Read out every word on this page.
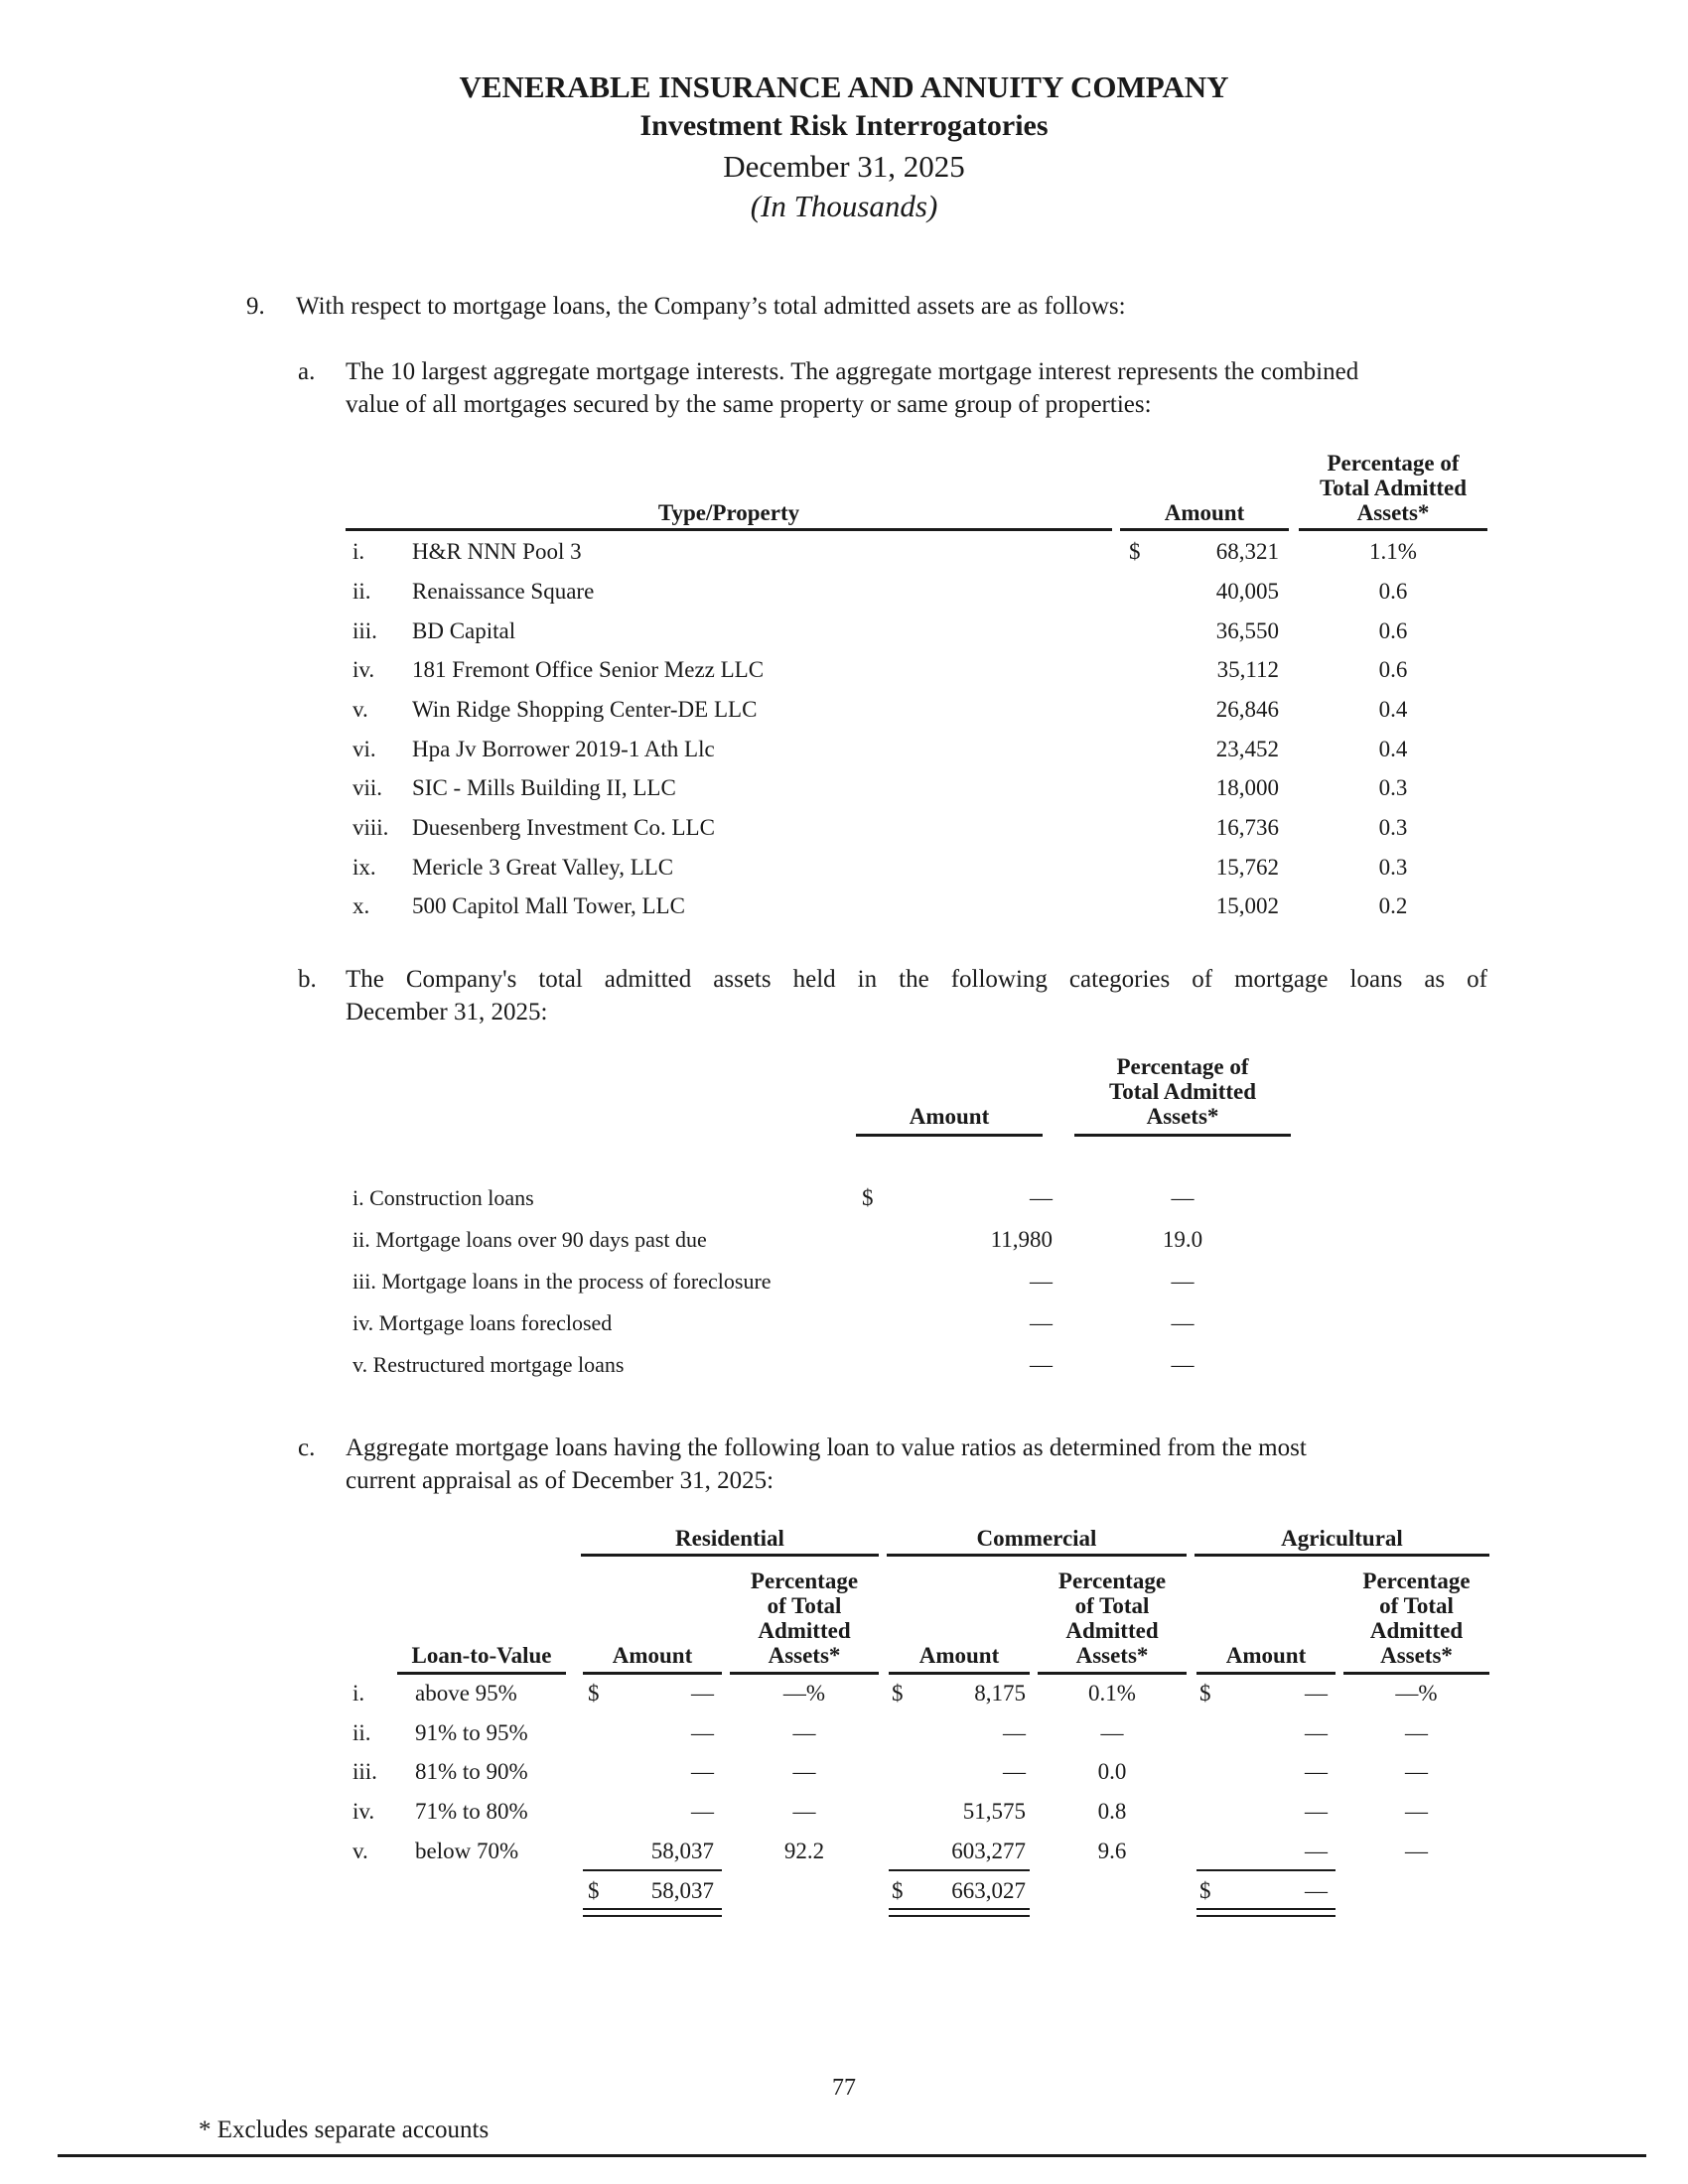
VENERABLE INSURANCE AND ANNUITY COMPANY
Investment Risk Interrogatories
December 31, 2025
(In Thousands)
9. With respect to mortgage loans, the Company’s total admitted assets are as follows:
a. The 10 largest aggregate mortgage interests. The aggregate mortgage interest represents the combined
value of all mortgages secured by the same property or same group of properties:
Type/Property	Amount
Percentage of
Total Admitted
Assets*
$
i. H&R NNN Pool 3	68,321	1.1%
ii. Renaissance Square	40,005	0.6
iii. BD Capital	36,550	0.6
iv. 181 Fremont Office Senior Mezz LLC	35,112	0.6
v. Win Ridge Shopping Center-DE LLC	26,846	0.4
vi. Hpa Jv Borrower 2019-1 Ath Llc	23,452	0.4
vii. SIC - Mills Building II, LLC	18,000	0.3
viii. Duesenberg Investment Co. LLC	16,736	0.3
ix. Mericle 3 Great Valley, LLC	15,762	0.3
x. 500 Capitol Mall Tower, LLC	15,002	0.2
b. The Company's total admitted assets held in the following categories of mortgage loans as of
December 31, 2025:
Amount
Percentage of
Total Admitted
Assets*
$
i. Construction loans	—	—
ii. Mortgage loans over 90 days past due	11,980	19.0
iii. Mortgage loans in the process of foreclosure	—	—
iv. Mortgage loans foreclosed	—	—
v. Restructured mortgage loans	—	—
c. Aggregate mortgage loans having the following loan to value ratios as determined from the most
current appraisal as of December 31, 2025:
Residential	Commercial	Agricultural
Loan-to-Value	Amount
Percentage
of Total
Admitted
Assets*	Amount
Percentage
of Total
Admitted
Assets*	Amount
Percentage
of Total
Admitted
Assets*
$	$	$
i. above 95%	—	—%	8,175	0.1%	—	—%
ii. 91% to 95%	—	—	—	—	—	—
iii. 81% to 90%	—	—	—	0.0	—	—
iv. 71% to 80%	—	—	51,575	0.8	—	—
v. below 70%	58,037	92.2	603,277	9.6	—	—
$	58,037	$	663,027	$	—
77
* Excludes separate accounts
